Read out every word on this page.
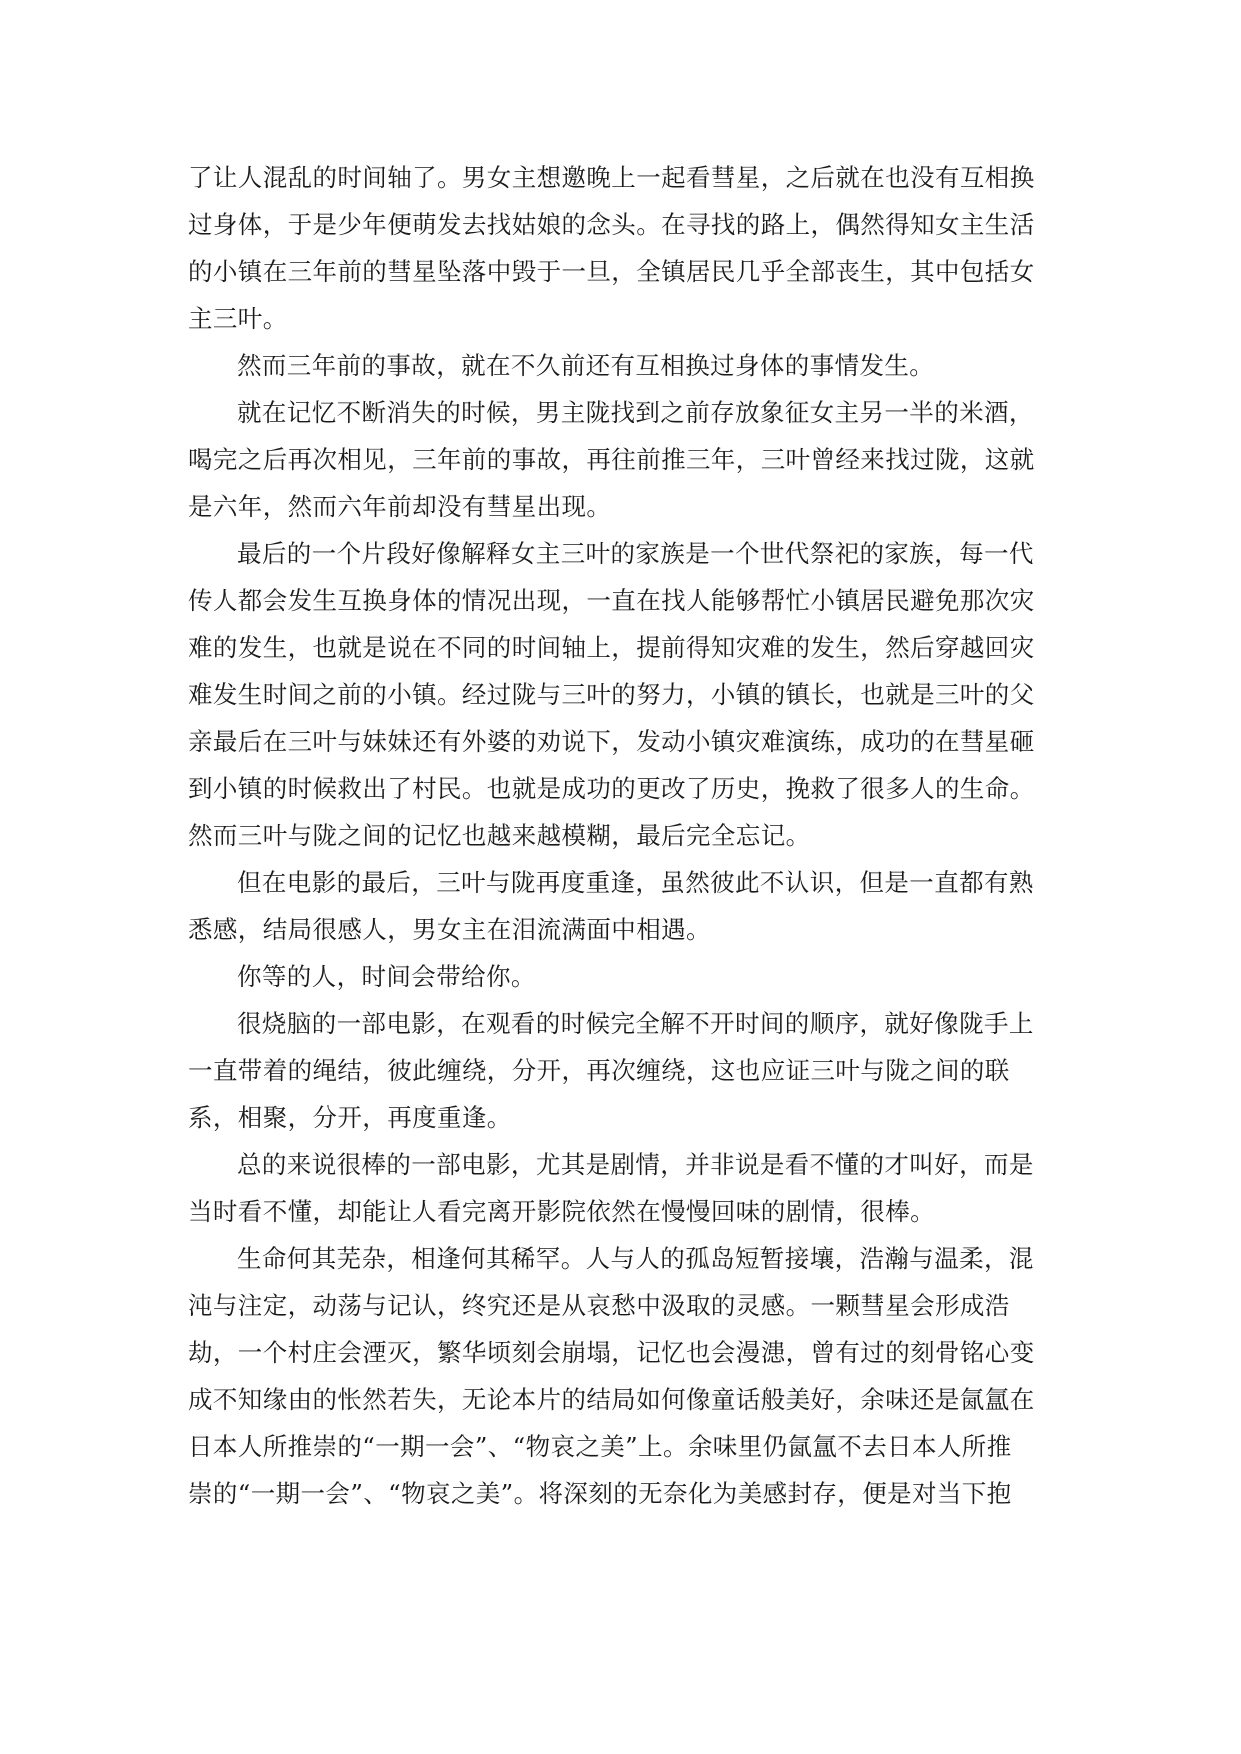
了让人混乱的时间轴了。男女主想邀晚上一起看彗星，之后就在也没有互相换
过身体，于是少年便萌发去找姑娘的念头。在寻找的路上，偶然得知女主生活
的小镇在三年前的彗星坠落中毁于一旦，全镇居民几乎全部丧生，其中包括女
主三叶。
然而三年前的事故，就在不久前还有互相换过身体的事情发生。
就在记忆不断消失的时候，男主陇找到之前存放象征女主另一半的米酒，
喝完之后再次相见，三年前的事故，再往前推三年，三叶曾经来找过陇，这就
是六年，然而六年前却没有彗星出现。
最后的一个片段好像解释女主三叶的家族是一个世代祭祀的家族，每一代
传人都会发生互换身体的情况出现，一直在找人能够帮忙小镇居民避免那次灾
难的发生，也就是说在不同的时间轴上，提前得知灾难的发生，然后穿越回灾
难发生时间之前的小镇。经过陇与三叶的努力，小镇的镇长，也就是三叶的父
亲最后在三叶与妹妹还有外婆的劝说下，发动小镇灾难演练，成功的在彗星砸
到小镇的时候救出了村民。也就是成功的更改了历史，挽救了很多人的生命。
然而三叶与陇之间的记忆也越来越模糊，最后完全忘记。
但在电影的最后，三叶与陇再度重逢，虽然彼此不认识，但是一直都有熟
悉感，结局很感人，男女主在泪流满面中相遇。
你等的人，时间会带给你。
很烧脑的一部电影，在观看的时候完全解不开时间的顺序，就好像陇手上
一直带着的绳结，彼此缠绕，分开，再次缠绕，这也应证三叶与陇之间的联
系，相聚，分开，再度重逢。
总的来说很棒的一部电影，尤其是剧情，并非说是看不懂的才叫好，而是
当时看不懂，却能让人看完离开影院依然在慢慢回味的剧情，很棒。
生命何其芜杂，相逢何其稀罕。人与人的孤岛短暂接壤，浩瀚与温柔，混
沌与注定，动荡与记认，终究还是从哀愁中汲取的灵感。一颗彗星会形成浩
劫，一个村庄会湮灭，繁华顷刻会崩塌，记忆也会漫漶，曾有过的刻骨铭心变
成不知缘由的怅然若失，无论本片的结局如何像童话般美好，余味还是氤氲在
日本人所推崇的“一期一会”、“物哀之美”上。余味里仍氤氲不去日本人所推
崇的“一期一会”、“物哀之美”。将深刻的无奈化为美感封存，便是对当下抱
